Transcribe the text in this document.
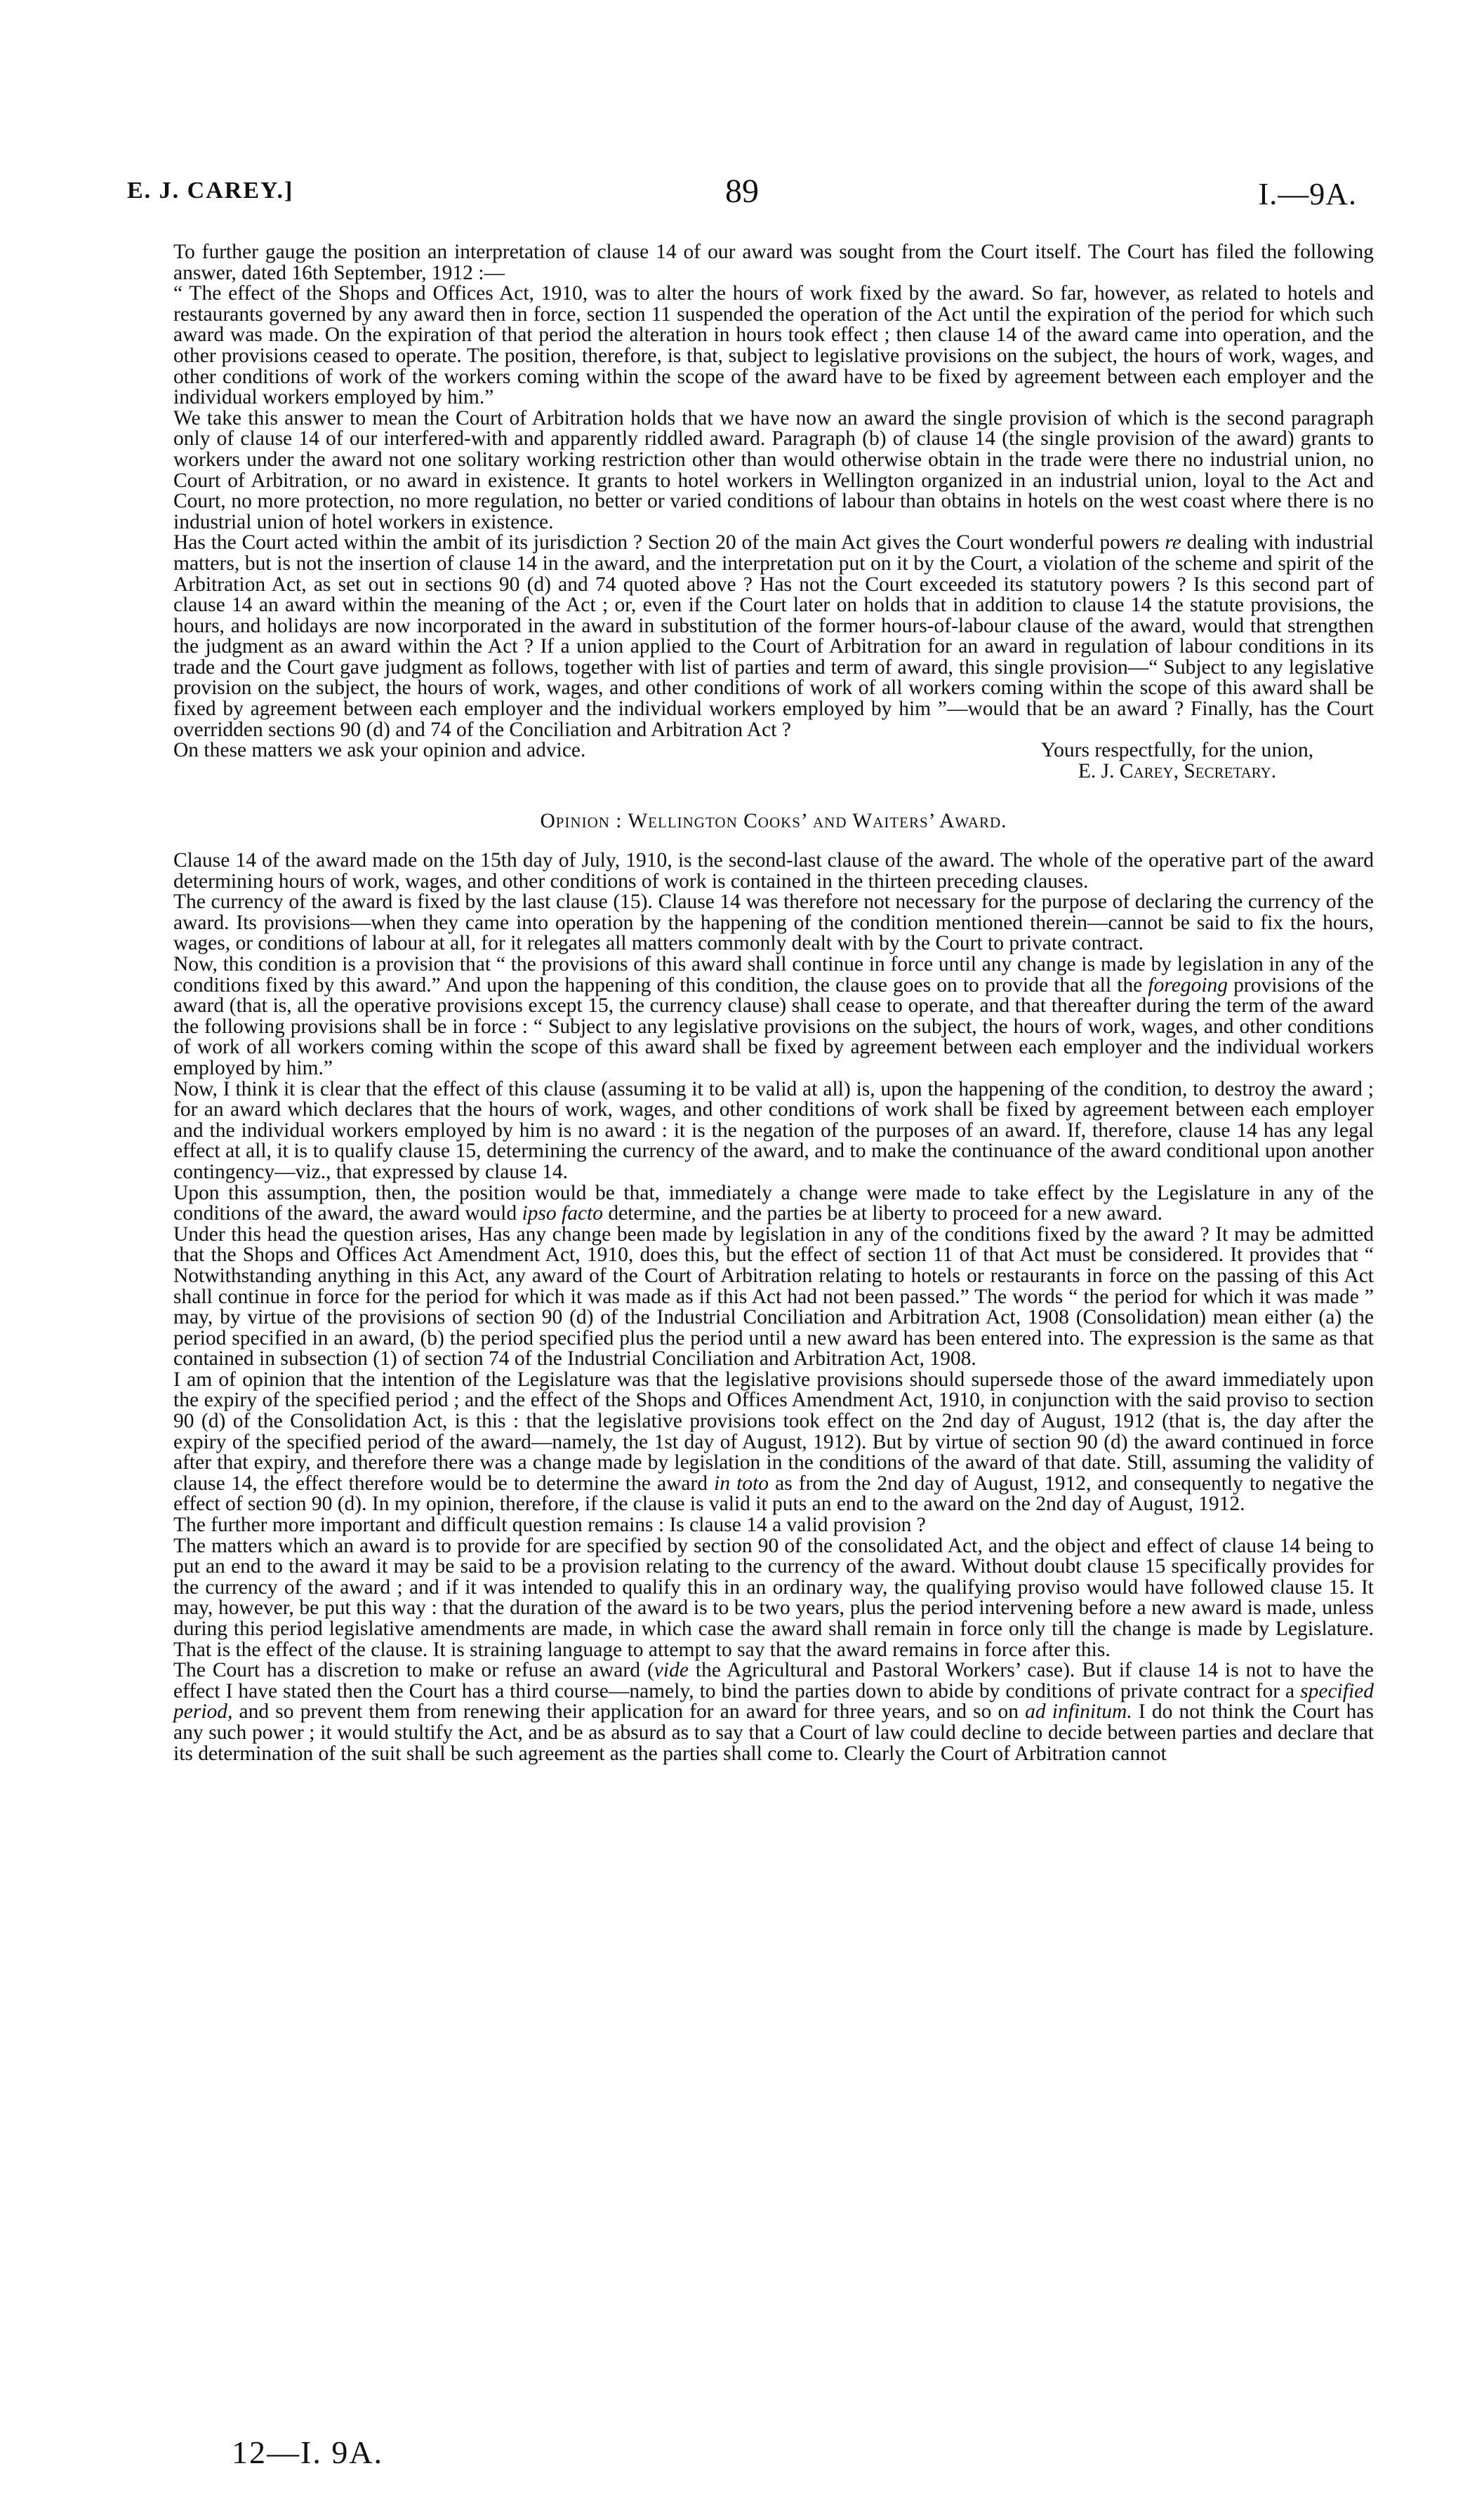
E. J. CAREY.]	89	I.—9A.

To further gauge the position an interpretation of clause 14 of our award was sought from the Court itself. The Court has filed the following answer, dated 16th September, 1912 :—

“ The effect of the Shops and Offices Act, 1910, was to alter the hours of work fixed by the award. So far, however, as related to hotels and restaurants governed by any award then in force, section 11 suspended the operation of the Act until the expiration of the period for which such award was made. On the expiration of that period the alteration in hours took effect ; then clause 14 of the award came into operation, and the other provisions ceased to operate. The position, therefore, is that, subject to legislative provisions on the subject, the hours of work, wages, and other conditions of work of the workers coming within the scope of the award have to be fixed by agreement between each employer and the individual workers employed by him.”

We take this answer to mean the Court of Arbitration holds that we have now an award the single provision of which is the second paragraph only of clause 14 of our interfered-with and apparently riddled award. Paragraph (b) of clause 14 (the single provision of the award) grants to workers under the award not one solitary working restriction other than would otherwise obtain in the trade were there no industrial union, no Court of Arbitration, or no award in existence. It grants to hotel workers in Wellington organized in an industrial union, loyal to the Act and Court, no more protection, no more regulation, no better or varied conditions of labour than obtains in hotels on the west coast where there is no industrial union of hotel workers in existence.

Has the Court acted within the ambit of its jurisdiction ? Section 20 of the main Act gives the Court wonderful powers re dealing with industrial matters, but is not the insertion of clause 14 in the award, and the interpretation put on it by the Court, a violation of the scheme and spirit of the Arbitration Act, as set out in sections 90 (d) and 74 quoted above ? Has not the Court exceeded its statutory powers ? Is this second part of clause 14 an award within the meaning of the Act ; or, even if the Court later on holds that in addition to clause 14 the statute provisions, the hours, and holidays are now incorporated in the award in substitution of the former hours-of-labour clause of the award, would that strengthen the judgment as an award within the Act ? If a union applied to the Court of Arbitration for an award in regulation of labour conditions in its trade and the Court gave judgment as follows, together with list of parties and term of award, this single provision—“ Subject to any legislative provision on the subject, the hours of work, wages, and other conditions of work of all workers coming within the scope of this award shall be fixed by agreement between each employer and the individual workers employed by him ”—would that be an award ? Finally, has the Court overridden sections 90 (d) and 74 of the Conciliation and Arbitration Act ?

On these matters we ask your opinion and advice.	Yours respectfully, for the union,
E. J. Carey, Secretary.

Opinion : Wellington Cooks’ and Waiters’ Award.

Clause 14 of the award made on the 15th day of July, 1910, is the second-last clause of the award. The whole of the operative part of the award determining hours of work, wages, and other conditions of work is contained in the thirteen preceding clauses.

The currency of the award is fixed by the last clause (15). Clause 14 was therefore not necessary for the purpose of declaring the currency of the award. Its provisions—when they came into operation by the happening of the condition mentioned therein—cannot be said to fix the hours, wages, or conditions of labour at all, for it relegates all matters commonly dealt with by the Court to private contract.

Now, this condition is a provision that “ the provisions of this award shall continue in force until any change is made by legislation in any of the conditions fixed by this award.” And upon the happening of this condition, the clause goes on to provide that all the foregoing provisions of the award (that is, all the operative provisions except 15, the currency clause) shall cease to operate, and that thereafter during the term of the award the following provisions shall be in force : “ Subject to any legislative provisions on the subject, the hours of work, wages, and other conditions of work of all workers coming within the scope of this award shall be fixed by agreement between each employer and the individual workers employed by him.”

Now, I think it is clear that the effect of this clause (assuming it to be valid at all) is, upon the happening of the condition, to destroy the award ; for an award which declares that the hours of work, wages, and other conditions of work shall be fixed by agreement between each employer and the individual workers employed by him is no award : it is the negation of the purposes of an award. If, therefore, clause 14 has any legal effect at all, it is to qualify clause 15, determining the currency of the award, and to make the continuance of the award conditional upon another contingency—viz., that expressed by clause 14.

Upon this assumption, then, the position would be that, immediately a change were made to take effect by the Legislature in any of the conditions of the award, the award would ipso facto determine, and the parties be at liberty to proceed for a new award.

Under this head the question arises, Has any change been made by legislation in any of the conditions fixed by the award ? It may be admitted that the Shops and Offices Act Amendment Act, 1910, does this, but the effect of section 11 of that Act must be considered. It provides that “ Notwithstanding anything in this Act, any award of the Court of Arbitration relating to hotels or restaurants in force on the passing of this Act shall continue in force for the period for which it was made as if this Act had not been passed.” The words “ the period for which it was made ” may, by virtue of the provisions of section 90 (d) of the Industrial Conciliation and Arbitration Act, 1908 (Consolidation) mean either (a) the period specified in an award, (b) the period specified plus the period until a new award has been entered into. The expression is the same as that contained in subsection (1) of section 74 of the Industrial Conciliation and Arbitration Act, 1908.

I am of opinion that the intention of the Legislature was that the legislative provisions should supersede those of the award immediately upon the expiry of the specified period ; and the effect of the Shops and Offices Amendment Act, 1910, in conjunction with the said proviso to section 90 (d) of the Consolidation Act, is this : that the legislative provisions took effect on the 2nd day of August, 1912 (that is, the day after the expiry of the specified period of the award—namely, the 1st day of August, 1912). But by virtue of section 90 (d) the award continued in force after that expiry, and therefore there was a change made by legislation in the conditions of the award of that date. Still, assuming the validity of clause 14, the effect therefore would be to determine the award in toto as from the 2nd day of August, 1912, and consequently to negative the effect of section 90 (d). In my opinion, therefore, if the clause is valid it puts an end to the award on the 2nd day of August, 1912.

The further more important and difficult question remains : Is clause 14 a valid provision ?

The matters which an award is to provide for are specified by section 90 of the consolidated Act, and the object and effect of clause 14 being to put an end to the award it may be said to be a provision relating to the currency of the award. Without doubt clause 15 specifically provides for the currency of the award ; and if it was intended to qualify this in an ordinary way, the qualifying proviso would have followed clause 15. It may, however, be put this way : that the duration of the award is to be two years, plus the period intervening before a new award is made, unless during this period legislative amendments are made, in which case the award shall remain in force only till the change is made by Legislature. That is the effect of the clause. It is straining language to attempt to say that the award remains in force after this.

The Court has a discretion to make or refuse an award (vide the Agricultural and Pastoral Workers’ case). But if clause 14 is not to have the effect I have stated then the Court has a third course—namely, to bind the parties down to abide by conditions of private contract for a specified period, and so prevent them from renewing their application for an award for three years, and so on ad infinitum. I do not think the Court has any such power ; it would stultify the Act, and be as absurd as to say that a Court of law could decline to decide between parties and declare that its determination of the suit shall be such agreement as the parties shall come to. Clearly the Court of Arbitration cannot

12—I. 9A.
